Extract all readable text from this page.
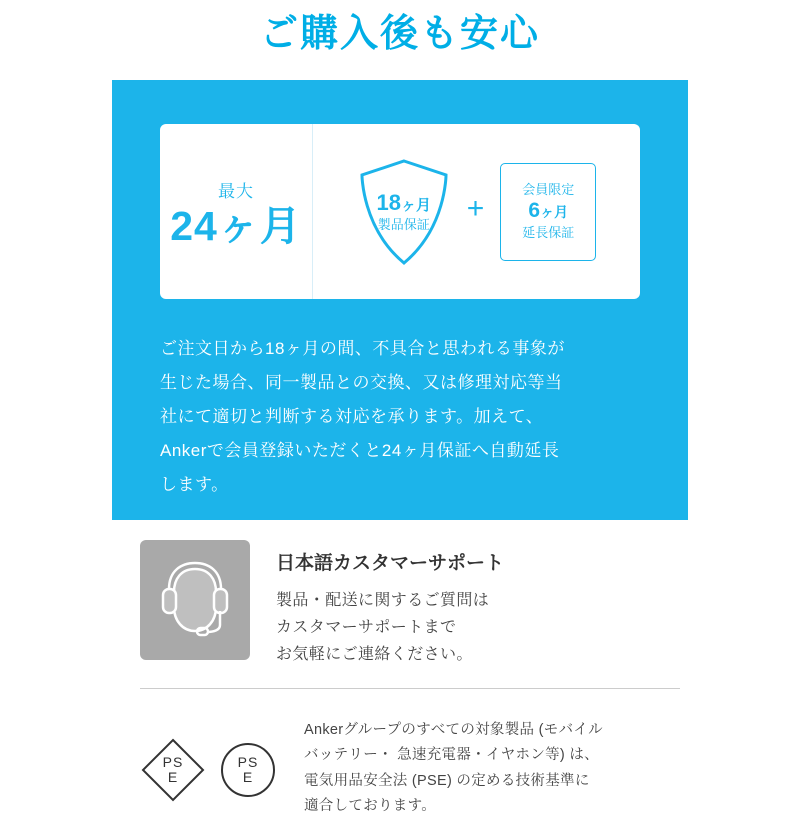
ご購入後も安心
最大
24ヶ月
18ヶ月
製品保証
+
会員限定
6ヶ月
延長保証
ご注文日から18ヶ月の間、不具合と思われる事象が
生じた場合、同一製品との交換、又は修理対応等当
社にて適切と判断する対応を承ります。加えて、
Ankerで会員登録いただくと24ヶ月保証へ自動延長
します。
日本語カスタマーサポート
製品・配送に関するご質問は
カスタマーサポートまで
お気軽にご連絡ください。
PS
E
PS
E
Ankerグループのすべての対象製品 (モバイル
バッテリー・ 急速充電器・イヤホン等) は、
電気用品安全法 (PSE) の定める技術基準に
適合しております。
